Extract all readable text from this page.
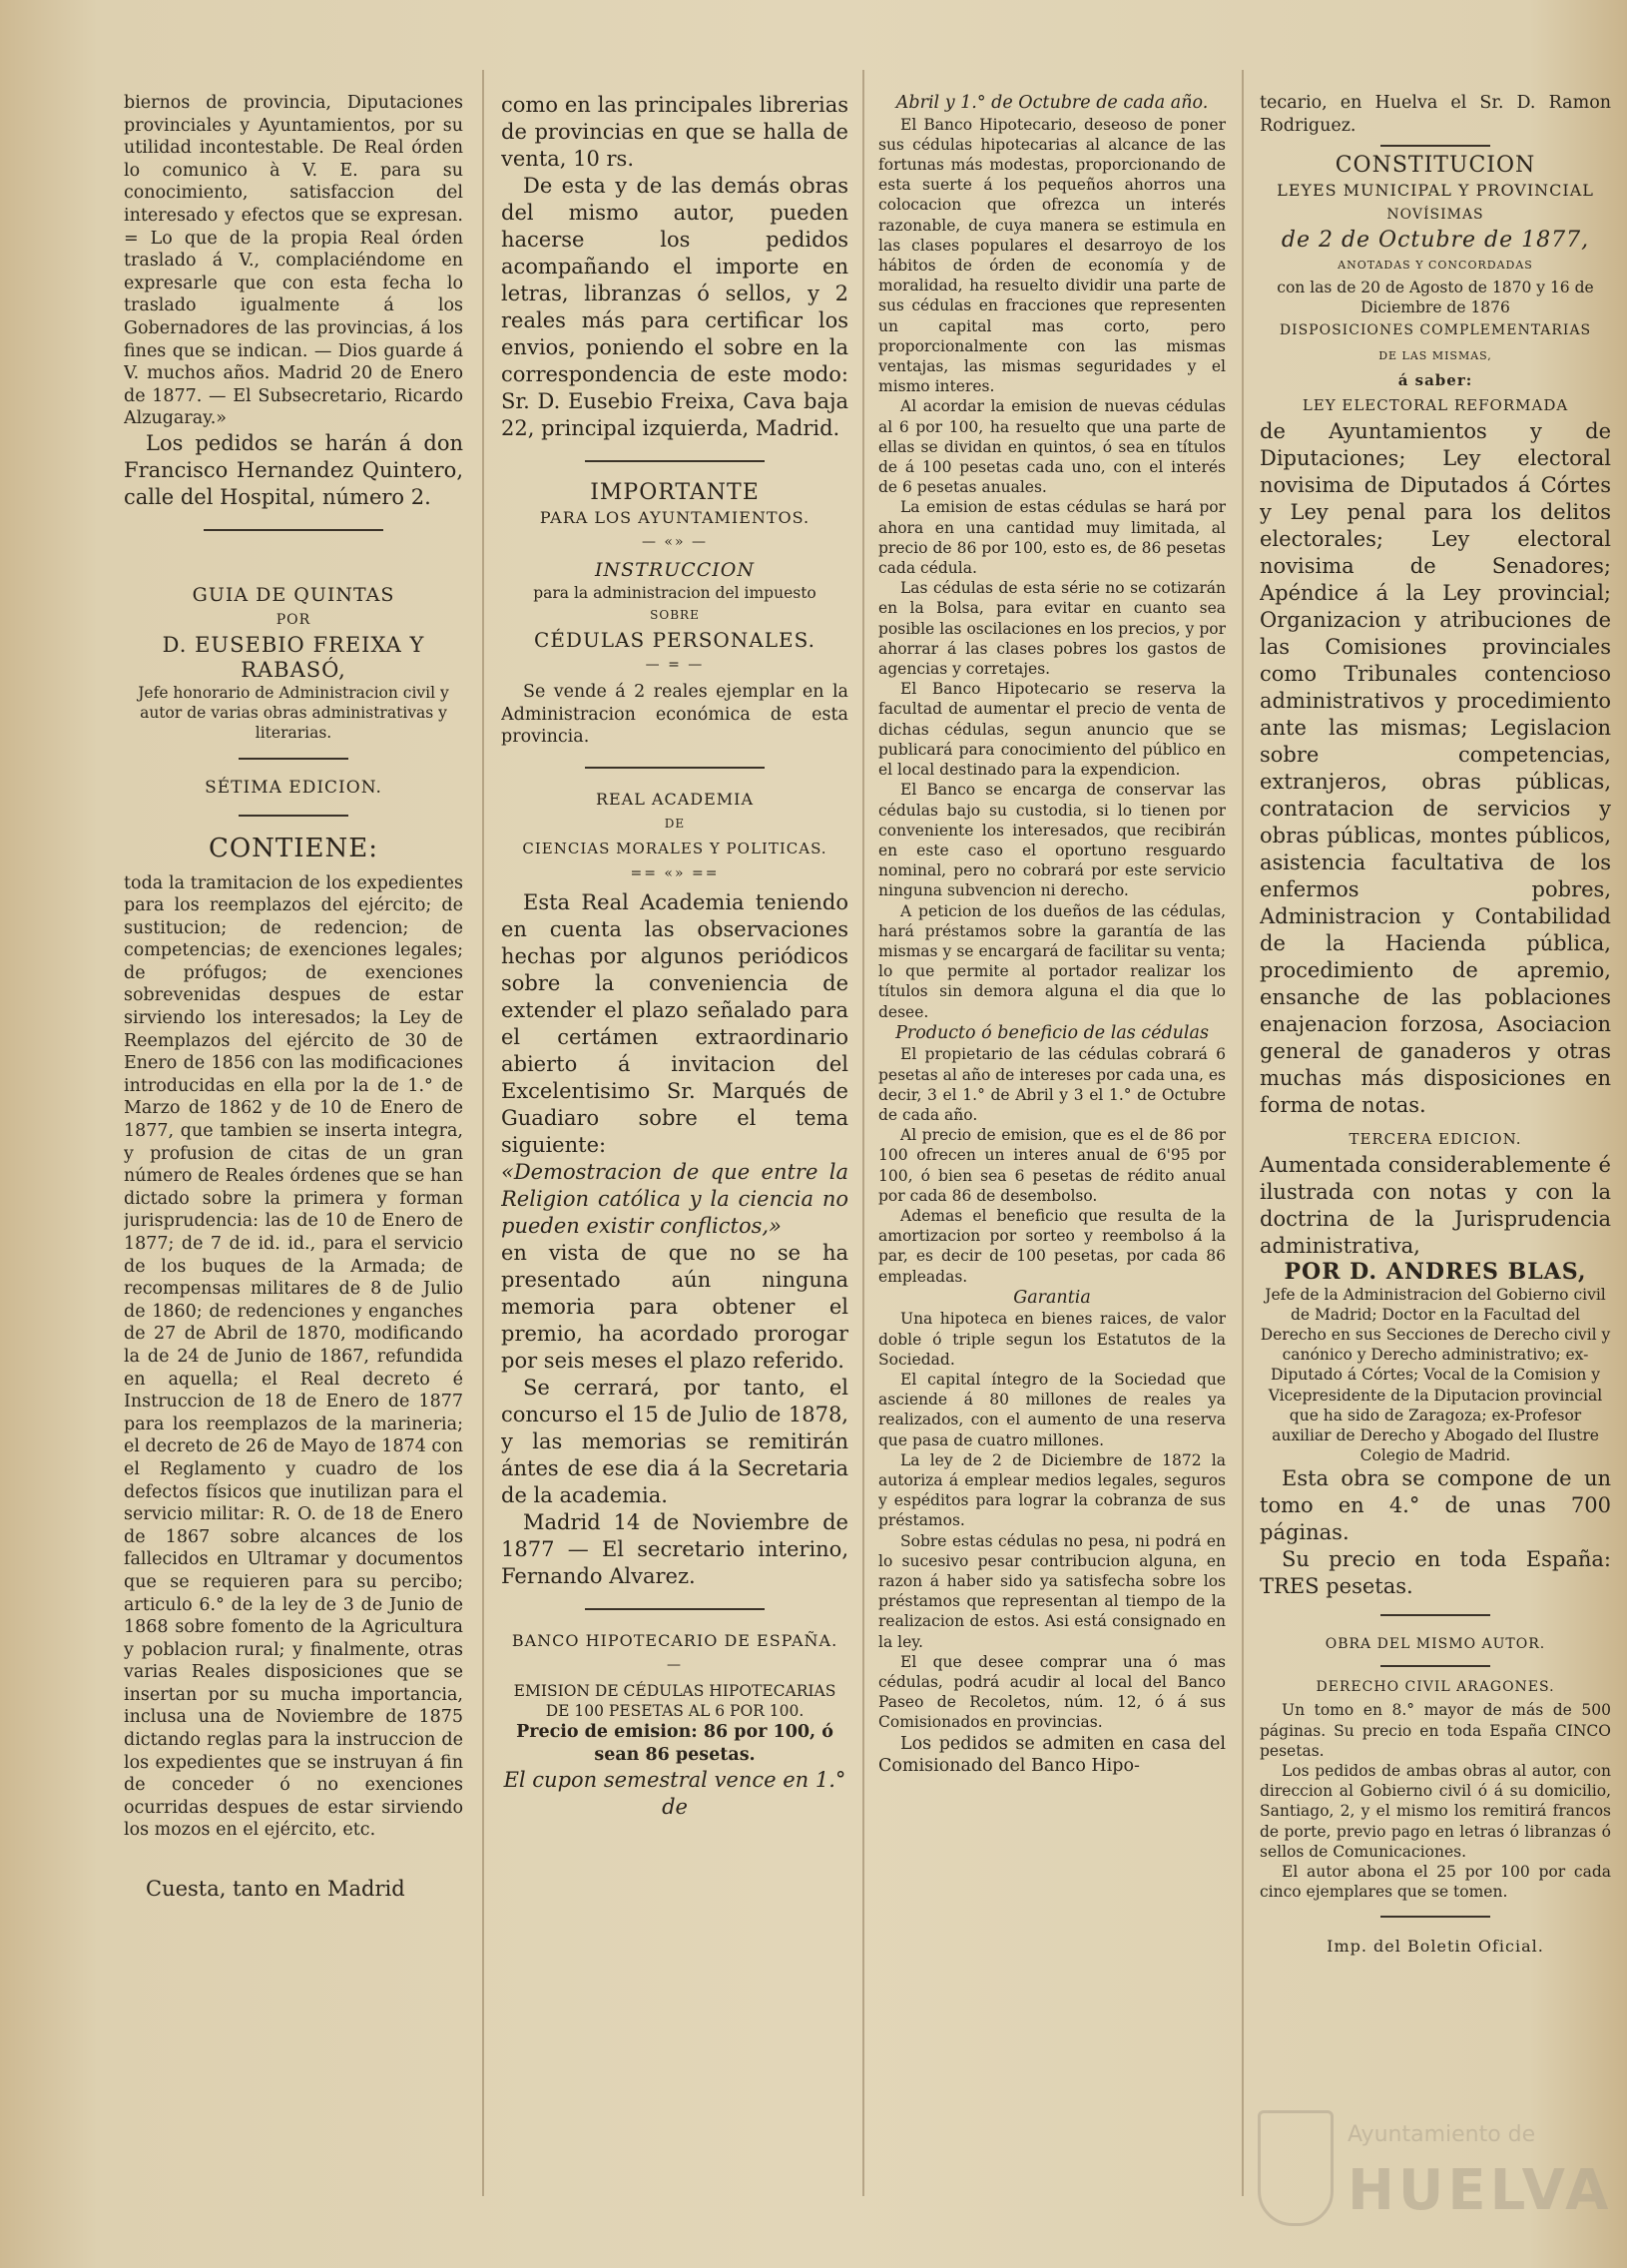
biernos de provincia, Diputaciones provinciales y Ayuntamientos, por su utilidad incontestable. De Real órden lo comunico à V. E. para su conocimiento, satisfaccion del interesado y efectos que se expresan. = Lo que de la propia Real órden traslado á V., complaciéndome en expresarle que con esta fecha lo traslado igualmente á los Gobernadores de las provincias, á los fines que se indican. — Dios guarde á V. muchos años. Madrid 20 de Enero de 1877. — El Subsecretario, Ricardo Alzugaray.»

Los pedidos se harán á don Francisco Hernandez Quintero, calle del Hospital, número 2.

GUIA DE QUINTAS
POR
D. EUSEBIO FREIXA Y RABASÓ,

Jefe honorario de Administracion civil y autor de varias obras administrativas y literarias.

SÉTIMA EDICION.
CONTIENE:

toda la tramitacion de los expedientes para los reemplazos del ejército; de sustitucion; de redencion; de competencias; de exenciones legales; de prófugos; de exenciones sobrevenidas despues de estar sirviendo los interesados; la Ley de Reemplazos del ejército de 30 de Enero de 1856 con las modificaciones introducidas en ella por la de 1.° de Marzo de 1862 y de 10 de Enero de 1877, que tambien se inserta integra, y profusion de citas de un gran número de Reales órdenes que se han dictado sobre la primera y forman jurisprudencia: las de 10 de Enero de 1877; de 7 de id. id., para el servicio de los buques de la Armada; de recompensas militares de 8 de Julio de 1860; de redenciones y enganches de 27 de Abril de 1870, modificando la de 24 de Junio de 1867, refundida en aquella; el Real decreto é Instruccion de 18 de Enero de 1877 para los reemplazos de la marineria; el decreto de 26 de Mayo de 1874 con el Reglamento y cuadro de los defectos físicos que inutilizan para el servicio militar: R. O. de 18 de Enero de 1867 sobre alcances de los fallecidos en Ultramar y documentos que se requieren para su percibo; articulo 6.° de la ley de 3 de Junio de 1868 sobre fomento de la Agricultura y poblacion rural; y finalmente, otras varias Reales disposiciones que se insertan por su mucha importancia, inclusa una de Noviembre de 1875 dictando reglas para la instruccion de los expedientes que se instruyan á fin de conceder ó no exenciones ocurridas despues de estar sirviendo los mozos en el ejército, etc.

Cuesta, tanto en Madrid

como en las principales librerias de provincias en que se halla de venta, 10 rs.

De esta y de las demás obras del mismo autor, pueden hacerse los pedidos acompañando el importe en letras, libranzas ó sellos, y 2 reales más para certificar los envios, poniendo el sobre en la correspondencia de este modo: Sr. D. Eusebio Freixa, Cava baja 22, principal izquierda, Madrid.

IMPORTANTE
PARA LOS AYUNTAMIENTOS.
— «» —
INSTRUCCION

para la administracion del impuesto

SOBRE
CÉDULAS PERSONALES.
— = —

Se vende á 2 reales ejemplar en la Administracion económica de esta provincia.

REAL ACADEMIA
DE
CIENCIAS MORALES Y POLITICAS.
== «» ==

Esta Real Academia teniendo en cuenta las observaciones hechas por algunos periódicos sobre la conveniencia de extender el plazo señalado para el certámen extraordinario abierto á invitacion del Excelentisimo Sr. Marqués de Guadiaro sobre el tema siguiente:

«Demostracion de que entre la Religion católica y la ciencia no pueden existir conflictos,»

en vista de que no se ha presentado aún ninguna memoria para obtener el premio, ha acordado prorogar por seis meses el plazo referido.

Se cerrará, por tanto, el concurso el 15 de Julio de 1878, y las memorias se remitirán ántes de ese dia á la Secretaria de la academia.

Madrid 14 de Noviembre de 1877 — El secretario interino, Fernando Alvarez.

BANCO HIPOTECARIO DE ESPAÑA.
—

EMISION DE CÉDULAS HIPOTECARIAS DE 100 PESETAS AL 6 POR 100.

Precio de emision: 86 por 100, ó sean 86 pesetas.

El cupon semestral vence en 1.° de

Abril y 1.° de Octubre de cada año.

El Banco Hipotecario, deseoso de poner sus cédulas hipotecarias al alcance de las fortunas más modestas, proporcionando de esta suerte á los pequeños ahorros una colocacion que ofrezca un interés razonable, de cuya manera se estimula en las clases populares el desarroyo de los hábitos de órden de economía y de moralidad, ha resuelto dividir una parte de sus cédulas en fracciones que representen un capital mas corto, pero proporcionalmente con las mismas ventajas, las mismas seguridades y el mismo interes.

Al acordar la emision de nuevas cédulas al 6 por 100, ha resuelto que una parte de ellas se dividan en quintos, ó sea en títulos de á 100 pesetas cada uno, con el interés de 6 pesetas anuales.

La emision de estas cédulas se hará por ahora en una cantidad muy limitada, al precio de 86 por 100, esto es, de 86 pesetas cada cédula.

Las cédulas de esta série no se cotizarán en la Bolsa, para evitar en cuanto sea posible las oscilaciones en los precios, y por ahorrar á las clases pobres los gastos de agencias y corretajes.

El Banco Hipotecario se reserva la facultad de aumentar el precio de venta de dichas cédulas, segun anuncio que se publicará para conocimiento del público en el local destinado para la expendicion.

El Banco se encarga de conservar las cédulas bajo su custodia, si lo tienen por conveniente los interesados, que recibirán en este caso el oportuno resguardo nominal, pero no cobrará por este servicio ninguna subvencion ni derecho.

A peticion de los dueños de las cédulas, hará préstamos sobre la garantía de las mismas y se encargará de facilitar su venta; lo que permite al portador realizar los títulos sin demora alguna el dia que lo desee.

Producto ó beneficio de las cédulas

El propietario de las cédulas cobrará 6 pesetas al año de intereses por cada una, es decir, 3 el 1.° de Abril y 3 el 1.° de Octubre de cada año.

Al precio de emision, que es el de 86 por 100 ofrecen un interes anual de 6'95 por 100, ó bien sea 6 pesetas de rédito anual por cada 86 de desembolso.

Ademas el beneficio que resulta de la amortizacion por sorteo y reembolso á la par, es decir de 100 pesetas, por cada 86 empleadas.

Garantia

Una hipoteca en bienes raices, de valor doble ó triple segun los Estatutos de la Sociedad.

El capital íntegro de la Sociedad que asciende á 80 millones de reales ya realizados, con el aumento de una reserva que pasa de cuatro millones.

La ley de 2 de Diciembre de 1872 la autoriza á emplear medios legales, seguros y espéditos para lograr la cobranza de sus préstamos.

Sobre estas cédulas no pesa, ni podrá en lo sucesivo pesar contribucion alguna, en razon á haber sido ya satisfecha sobre los préstamos que representan al tiempo de la realizacion de estos. Asi está consignado en la ley.

El que desee comprar una ó mas cédulas, podrá acudir al local del Banco Paseo de Recoletos, núm. 12, ó á sus Comisionados en provincias.

Los pedidos se admiten en casa del Comisionado del Banco Hipo-

tecario, en Huelva el Sr. D. Ramon Rodriguez.

CONSTITUCION
LEYES MUNICIPAL Y PROVINCIAL
NOVÍSIMAS
de 2 de Octubre de 1877,
ANOTADAS Y CONCORDADAS

con las de 20 de Agosto de 1870 y 16 de Diciembre de 1876

DISPOSICIONES COMPLEMENTARIAS
DE LAS MISMAS,
á saber:
LEY ELECTORAL REFORMADA

de Ayuntamientos y de Diputaciones; Ley electoral novisima de Diputados á Córtes y Ley penal para los delitos electorales; Ley electoral novisima de Senadores; Apéndice á la Ley provincial; Organizacion y atribuciones de las Comisiones provinciales como Tribunales contencioso administrativos y procedimiento ante las mismas; Legislacion sobre competencias, extranjeros, obras públicas, contratacion de servicios y obras públicas, montes públicos, asistencia facultativa de los enfermos pobres, Administracion y Contabilidad de la Hacienda pública, procedimiento de apremio, ensanche de las poblaciones enajenacion forzosa, Asociacion general de ganaderos y otras muchas más disposiciones en forma de notas.

TERCERA EDICION.

Aumentada considerablemente é ilustrada con notas y con la doctrina de la Jurisprudencia administrativa,

POR D. ANDRES BLAS,

Jefe de la Administracion del Gobierno civil de Madrid; Doctor en la Facultad del Derecho en sus Secciones de Derecho civil y canónico y Derecho administrativo; ex-Diputado á Córtes; Vocal de la Comision y Vicepresidente de la Diputacion provincial que ha sido de Zaragoza; ex-Profesor auxiliar de Derecho y Abogado del Ilustre Colegio de Madrid.

Esta obra se compone de un tomo en 4.° de unas 700 páginas.

Su precio en toda España: TRES pesetas.

OBRA DEL MISMO AUTOR.
DERECHO CIVIL ARAGONES.

Un tomo en 8.° mayor de más de 500 páginas. Su precio en toda España CINCO pesetas.

Los pedidos de ambas obras al autor, con direccion al Gobierno civil ó á su domicilio, Santiago, 2, y el mismo los remitirá francos de porte, previo pago en letras ó libranzas ó sellos de Comunicaciones.

El autor abona el 25 por 100 por cada cinco ejemplares que se tomen.

Imp. del Boletin Oficial.
Ayuntamiento de
HUELVA
